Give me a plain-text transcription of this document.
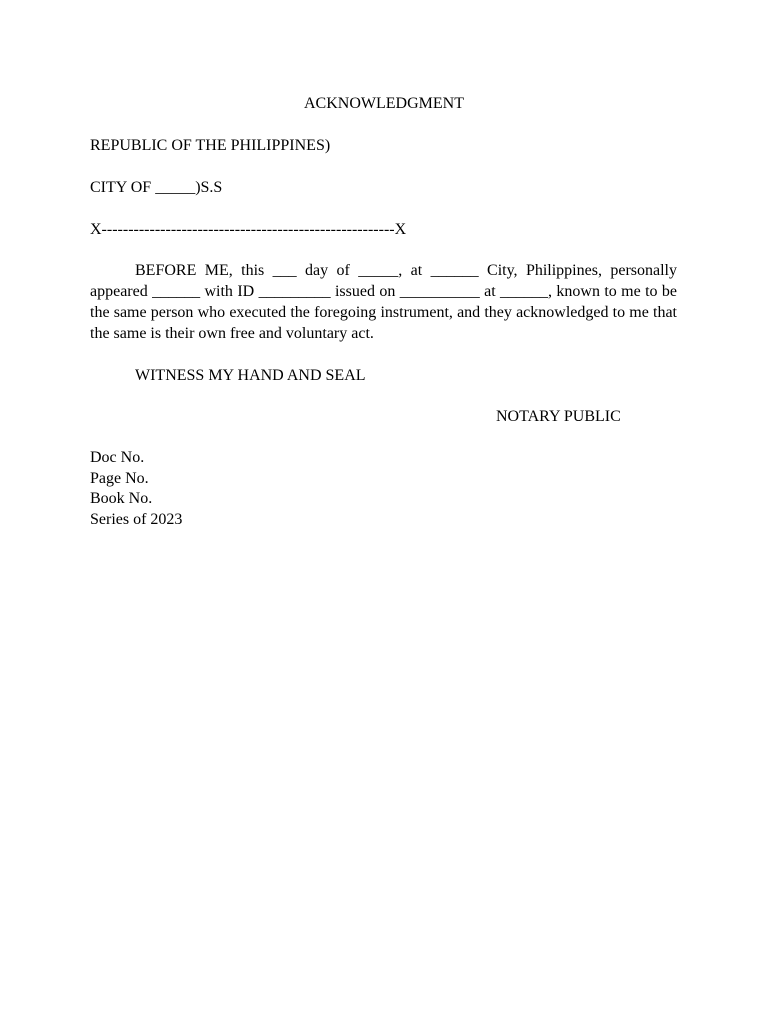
ACKNOWLEDGMENT
REPUBLIC OF THE PHILIPPINES)
CITY OF _____)S.S
X-------------------------------------------------------X
BEFORE ME, this ___ day of _____, at ______ City, Philippines, personally appeared ______ with ID _________ issued on __________ at ______, known to me to be the same person who executed the foregoing instrument, and they acknowledged to me that the same is their own free and voluntary act.
WITNESS MY HAND AND SEAL
NOTARY PUBLIC
Doc No.
Page No.
Book No.
Series of 2023
